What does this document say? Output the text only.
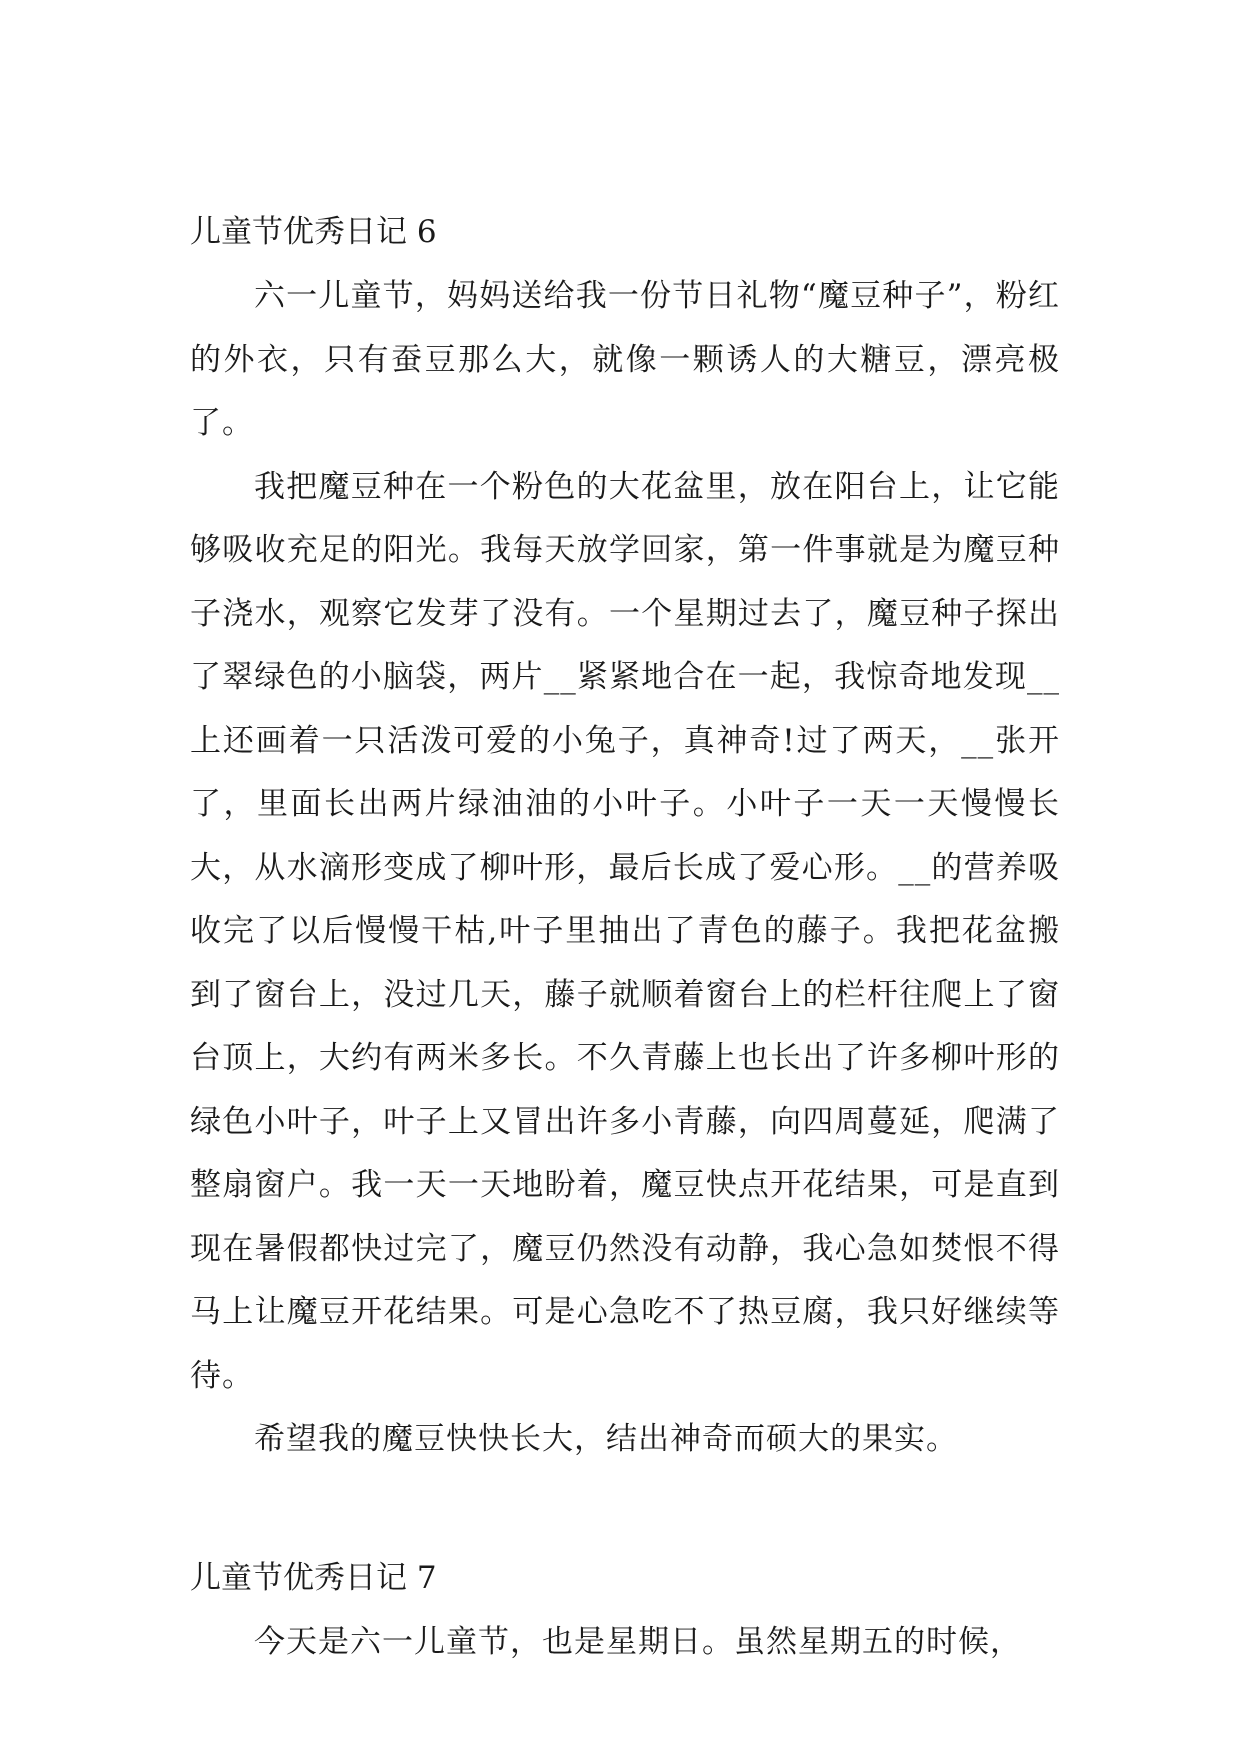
儿童节优秀日记 6

六一儿童节，妈妈送给我一份节日礼物“魔豆种子”，粉红的外衣，只有蚕豆那么大，就像一颗诱人的大糖豆，漂亮极了。

我把魔豆种在一个粉色的大花盆里，放在阳台上，让它能够吸收充足的阳光。我每天放学回家，第一件事就是为魔豆种子浇水，观察它发芽了没有。一个星期过去了，魔豆种子探出了翠绿色的小脑袋，两片__紧紧地合在一起，我惊奇地发现__上还画着一只活泼可爱的小兔子，真神奇!过了两天，__张开了，里面长出两片绿油油的小叶子。小叶子一天一天慢慢长大，从水滴形变成了柳叶形，最后长成了爱心形。__的营养吸收完了以后慢慢干枯,叶子里抽出了青色的藤子。我把花盆搬到了窗台上，没过几天，藤子就顺着窗台上的栏杆往爬上了窗台顶上，大约有两米多长。不久青藤上也长出了许多柳叶形的绿色小叶子，叶子上又冒出许多小青藤，向四周蔓延，爬满了整扇窗户。我一天一天地盼着，魔豆快点开花结果，可是直到现在暑假都快过完了，魔豆仍然没有动静，我心急如焚恨不得马上让魔豆开花结果。可是心急吃不了热豆腐，我只好继续等待。

希望我的魔豆快快长大，结出神奇而硕大的果实。

儿童节优秀日记 7

今天是六一儿童节，也是星期日。虽然星期五的时候，
